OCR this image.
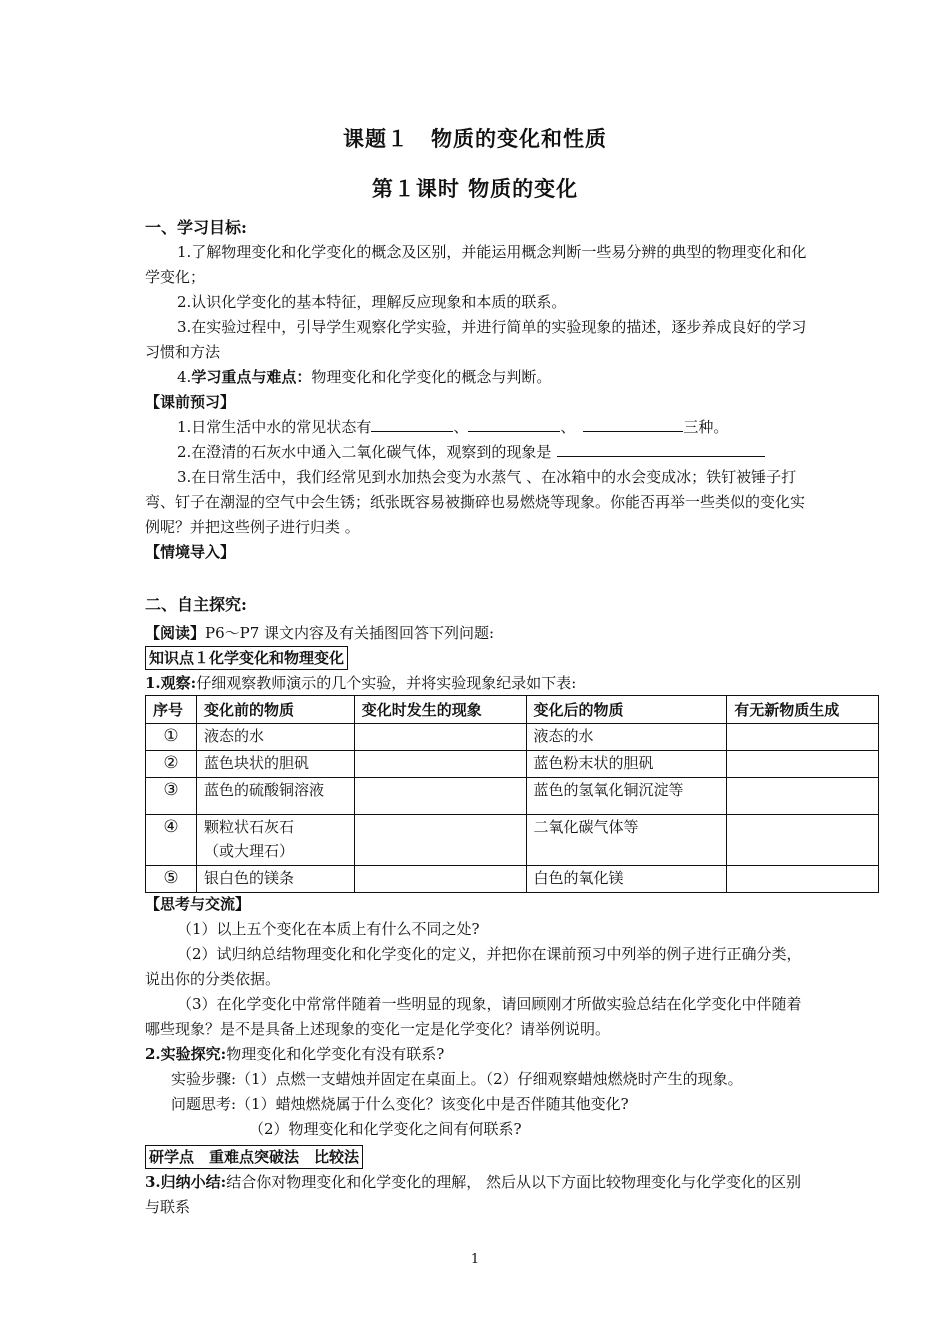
课题１　物质的变化和性质
第１课时 物质的变化
一、学习目标:
1.了解物理变化和化学变化的概念及区别，并能运用概念判断一些易分辨的典型的物理变化和化学变化；
2.认识化学变化的基本特征，理解反应现象和本质的联系。
3.在实验过程中，引导学生观察化学实验，并进行简单的实验现象的描述，逐步养成良好的学习习惯和方法
4.学习重点与难点：物理变化和化学变化的概念与判断。
【课前预习】
1.日常生活中水的常见状态有	、	、	三种。
2.在澄清的石灰水中通入二氧化碳气体，观察到的现象是
3.在日常生活中，我们经常见到水加热会变为水蒸气 、在冰箱中的水会变成冰；铁钉被锤子打弯、钉子在潮湿的空气中会生锈；纸张既容易被撕碎也易燃烧等现象。你能否再举一些类似的变化实例呢？并把这些例子进行归类 。
【情境导入】
二、自主探究:
【阅读】P6～P7 课文内容及有关插图回答下列问题:
知识点１化学变化和物理变化
1.观察:仔细观察教师演示的几个实验，并将实验现象纪录如下表:
序号	变化前的物质	变化时发生的现象	变化后的物质	有无新物质生成
①	液态的水		液态的水	
②	蓝色块状的胆矾		蓝色粉末状的胆矾	
③	蓝色的硫酸铜溶液		蓝色的氢氧化铜沉淀等	
④	颗粒状石灰石
（或大理石）		二氧化碳气体等	
⑤	银白色的镁条		白色的氧化镁	
【思考与交流】
（1）以上五个变化在本质上有什么不同之处?
（2）试归纳总结物理变化和化学变化的定义，并把你在课前预习中列举的例子进行正确分类，说出你的分类依据。
（3）在化学变化中常常伴随着一些明显的现象，请回顾刚才所做实验总结在化学变化中伴随着哪些现象？是不是具备上述现象的变化一定是化学变化？请举例说明。
2.实验探究:物理变化和化学变化有没有联系?
实验步骤:（1）点燃一支蜡烛并固定在桌面上。（2）仔细观察蜡烛燃烧时产生的现象。
问题思考:（1）蜡烛燃烧属于什么变化？该变化中是否伴随其他变化?
（2）物理变化和化学变化之间有何联系?
研学点　重难点突破法　比较法
3.归纳小结:结合你对物理变化和化学变化的理解， 然后从以下方面比较物理变化与化学变化的区别与联系
1
